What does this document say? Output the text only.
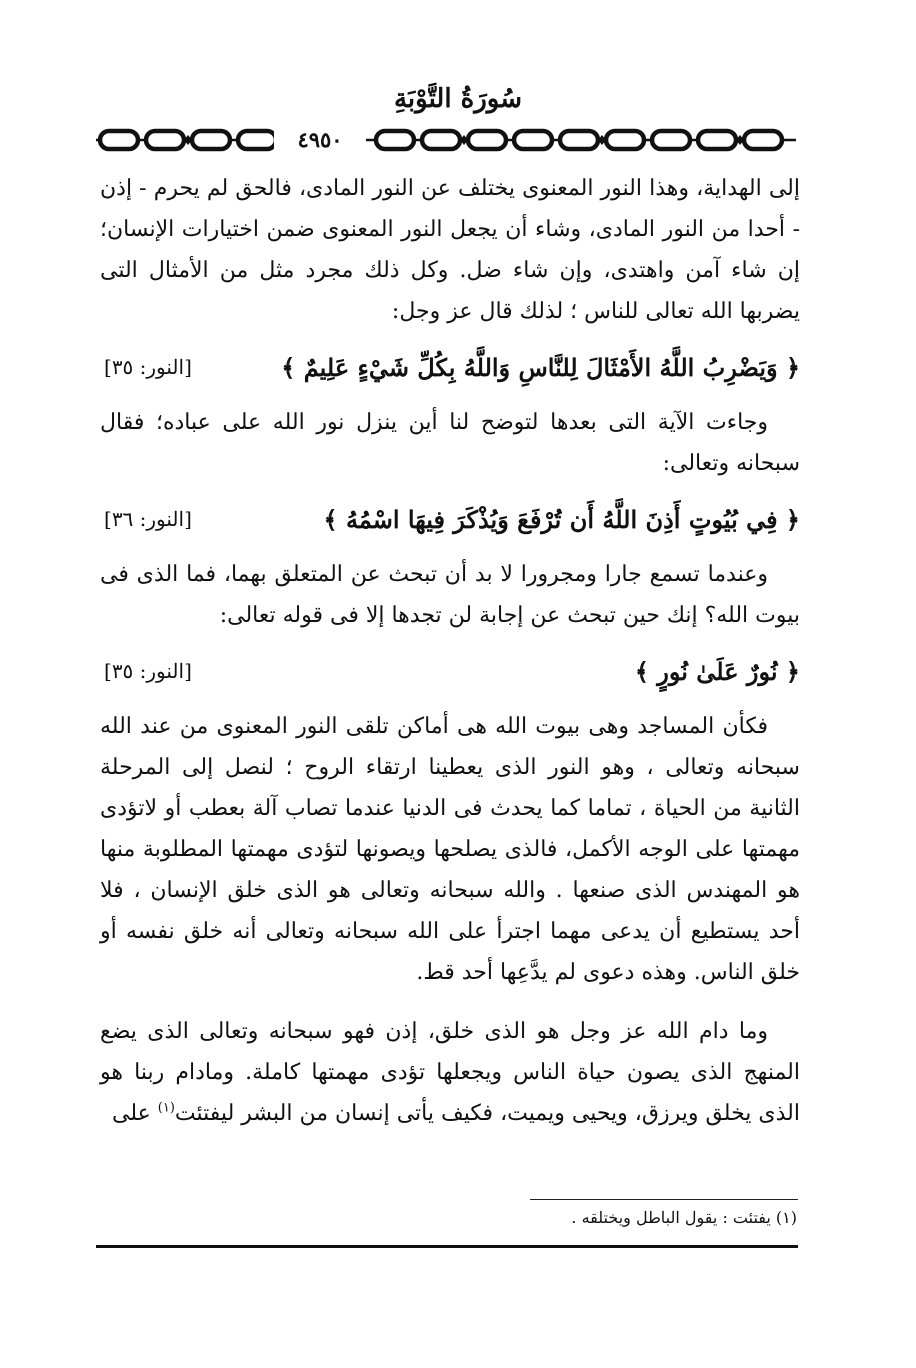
سُورَةُ التَّوْبَةِ
٤٩٥٠

إلى الهداية، وهذا النور المعنوى يختلف عن النور المادى، فالحق لم يحرم - إذن - أحدا من النور المادى، وشاء أن يجعل النور المعنوى ضمن اختيارات الإنسان؛ إن شاء آمن واهتدى، وإن شاء ضل. وكل ذلك مجرد مثل من الأمثال التى يضربها الله تعالى للناس ؛ لذلك قال عز وجل:

﴿ وَيَضْرِبُ اللَّهُ الأَمْثَالَ لِلنَّاسِ وَاللَّهُ بِكُلِّ شَيْءٍ عَلِيمٌ ﴾
[النور: ٣٥]

وجاءت الآية التى بعدها لتوضح لنا أين ينزل نور الله على عباده؛ فقال سبحانه وتعالى:

﴿ فِي بُيُوتٍ أَذِنَ اللَّهُ أَن تُرْفَعَ وَيُذْكَرَ فِيهَا اسْمُهُ ﴾
[النور: ٣٦]

وعندما تسمع جارا ومجرورا لا بد أن تبحث عن المتعلق بهما، فما الذى فى بيوت الله؟ إنك حين تبحث عن إجابة لن تجدها إلا فى قوله تعالى:

﴿ نُورٌ عَلَىٰ نُورٍ ﴾
[النور: ٣٥]

فكأن المساجد وهى بيوت الله هى أماكن تلقى النور المعنوى من عند الله سبحانه وتعالى ، وهو النور الذى يعطينا ارتقاء الروح ؛ لنصل إلى المرحلة الثانية من الحياة ، تماما كما يحدث فى الدنيا عندما تصاب آلة بعطب أو لاتؤدى مهمتها على الوجه الأكمل، فالذى يصلحها ويصونها لتؤدى مهمتها المطلوبة منها هو المهندس الذى صنعها . والله سبحانه وتعالى هو الذى خلق الإنسان ، فلا أحد يستطيع أن يدعى مهما اجترأ على الله سبحانه وتعالى أنه خلق نفسه أو خلق الناس. وهذه دعوى لم يدَّعِها أحد قط.

وما دام الله عز وجل هو الذى خلق، إذن فهو سبحانه وتعالى الذى يضع المنهج الذى يصون حياة الناس ويجعلها تؤدى مهمتها كاملة. ومادام ربنا هو الذى يخلق ويرزق، ويحيى ويميت، فكيف يأتى إنسان من البشر ليفتئت$^{(١)}$ على

(١) يفتئت : يقول الباطل ويختلقه .
